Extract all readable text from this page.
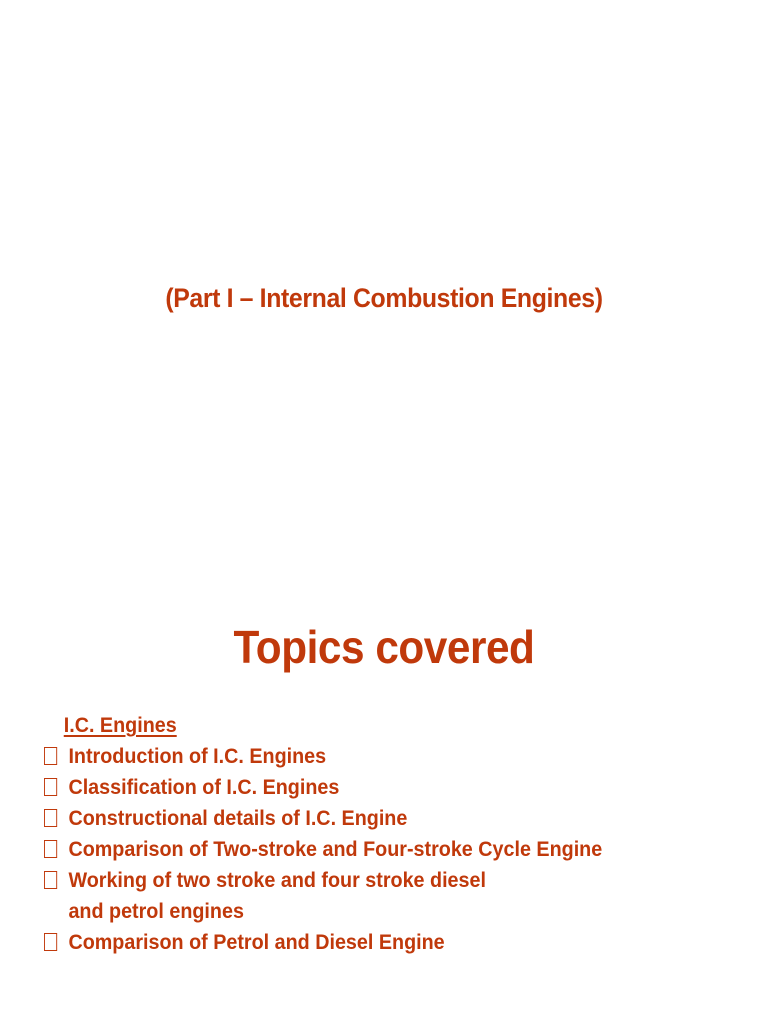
(Part I – Internal Combustion Engines)
Topics covered
I.C. Engines
Introduction of I.C. Engines
Classification of I.C. Engines
Constructional details of I.C. Engine
Comparison of Two-stroke and Four-stroke Cycle Engine
Working of two stroke and four stroke diesel
and petrol engines
Comparison of Petrol and Diesel Engine
